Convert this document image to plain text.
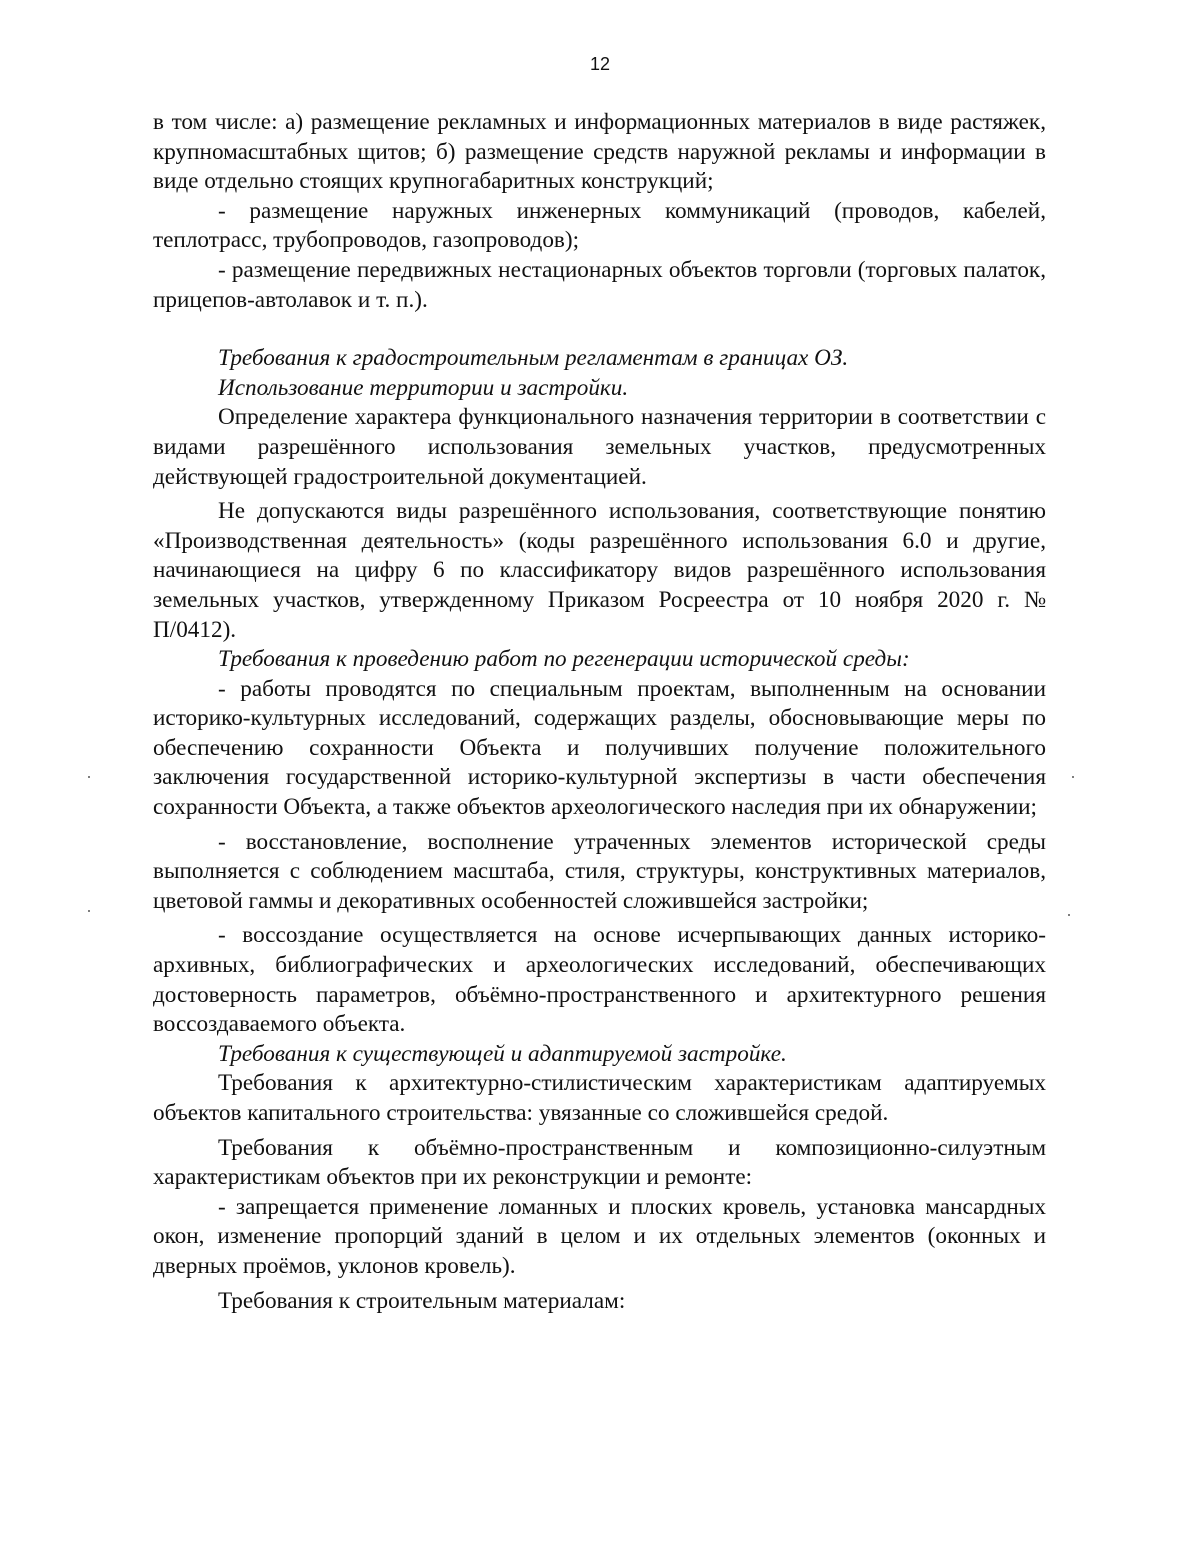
12

в том числе: а) размещение рекламных и информационных материалов в виде растяжек, крупномасштабных щитов; б) размещение средств наружной рекламы и информации в виде отдельно стоящих крупногабаритных конструкций;

- размещение наружных инженерных коммуникаций (проводов, кабелей, теплотрасс, трубопроводов, газопроводов);

- размещение передвижных нестационарных объектов торговли (торговых палаток, прицепов-автолавок и т. п.).

Требования к градостроительным регламентам в границах ОЗ.

Использование территории и застройки.

Определение характера функционального назначения территории в соответствии с видами разрешённого использования земельных участков, предусмотренных действующей градостроительной документацией.

Не допускаются виды разрешённого использования, соответствующие понятию «Производственная деятельность» (коды разрешённого использования 6.0 и другие, начинающиеся на цифру 6 по классификатору видов разрешённого использования земельных участков, утвержденному Приказом Росреестра от 10 ноября 2020 г. № П/0412).

Требования к проведению работ по регенерации исторической среды:

- работы проводятся по специальным проектам, выполненным на основании историко-культурных исследований, содержащих разделы, обосновывающие меры по обеспечению сохранности Объекта и получивших получение положительного заключения государственной историко-культурной экспертизы в части обеспечения сохранности Объекта, а также объектов археологического наследия при их обнаружении;

- восстановление, восполнение утраченных элементов исторической среды выполняется с соблюдением масштаба, стиля, структуры, конструктивных материалов, цветовой гаммы и декоративных особенностей сложившейся застройки;

- воссоздание осуществляется на основе исчерпывающих данных историко-архивных, библиографических и археологических исследований, обеспечивающих достоверность параметров, объёмно-пространственного и архитектурного решения воссоздаваемого объекта.

Требования к существующей и адаптируемой застройке.

Требования к архитектурно-стилистическим характеристикам адаптируемых объектов капитального строительства: увязанные со сложившейся средой.

Требования к объёмно-пространственным и композиционно-силуэтным характеристикам объектов при их реконструкции и ремонте:

- запрещается применение ломанных и плоских кровель, установка мансардных окон, изменение пропорций зданий в целом и их отдельных элементов (оконных и дверных проёмов, уклонов кровель).

Требования к строительным материалам:
